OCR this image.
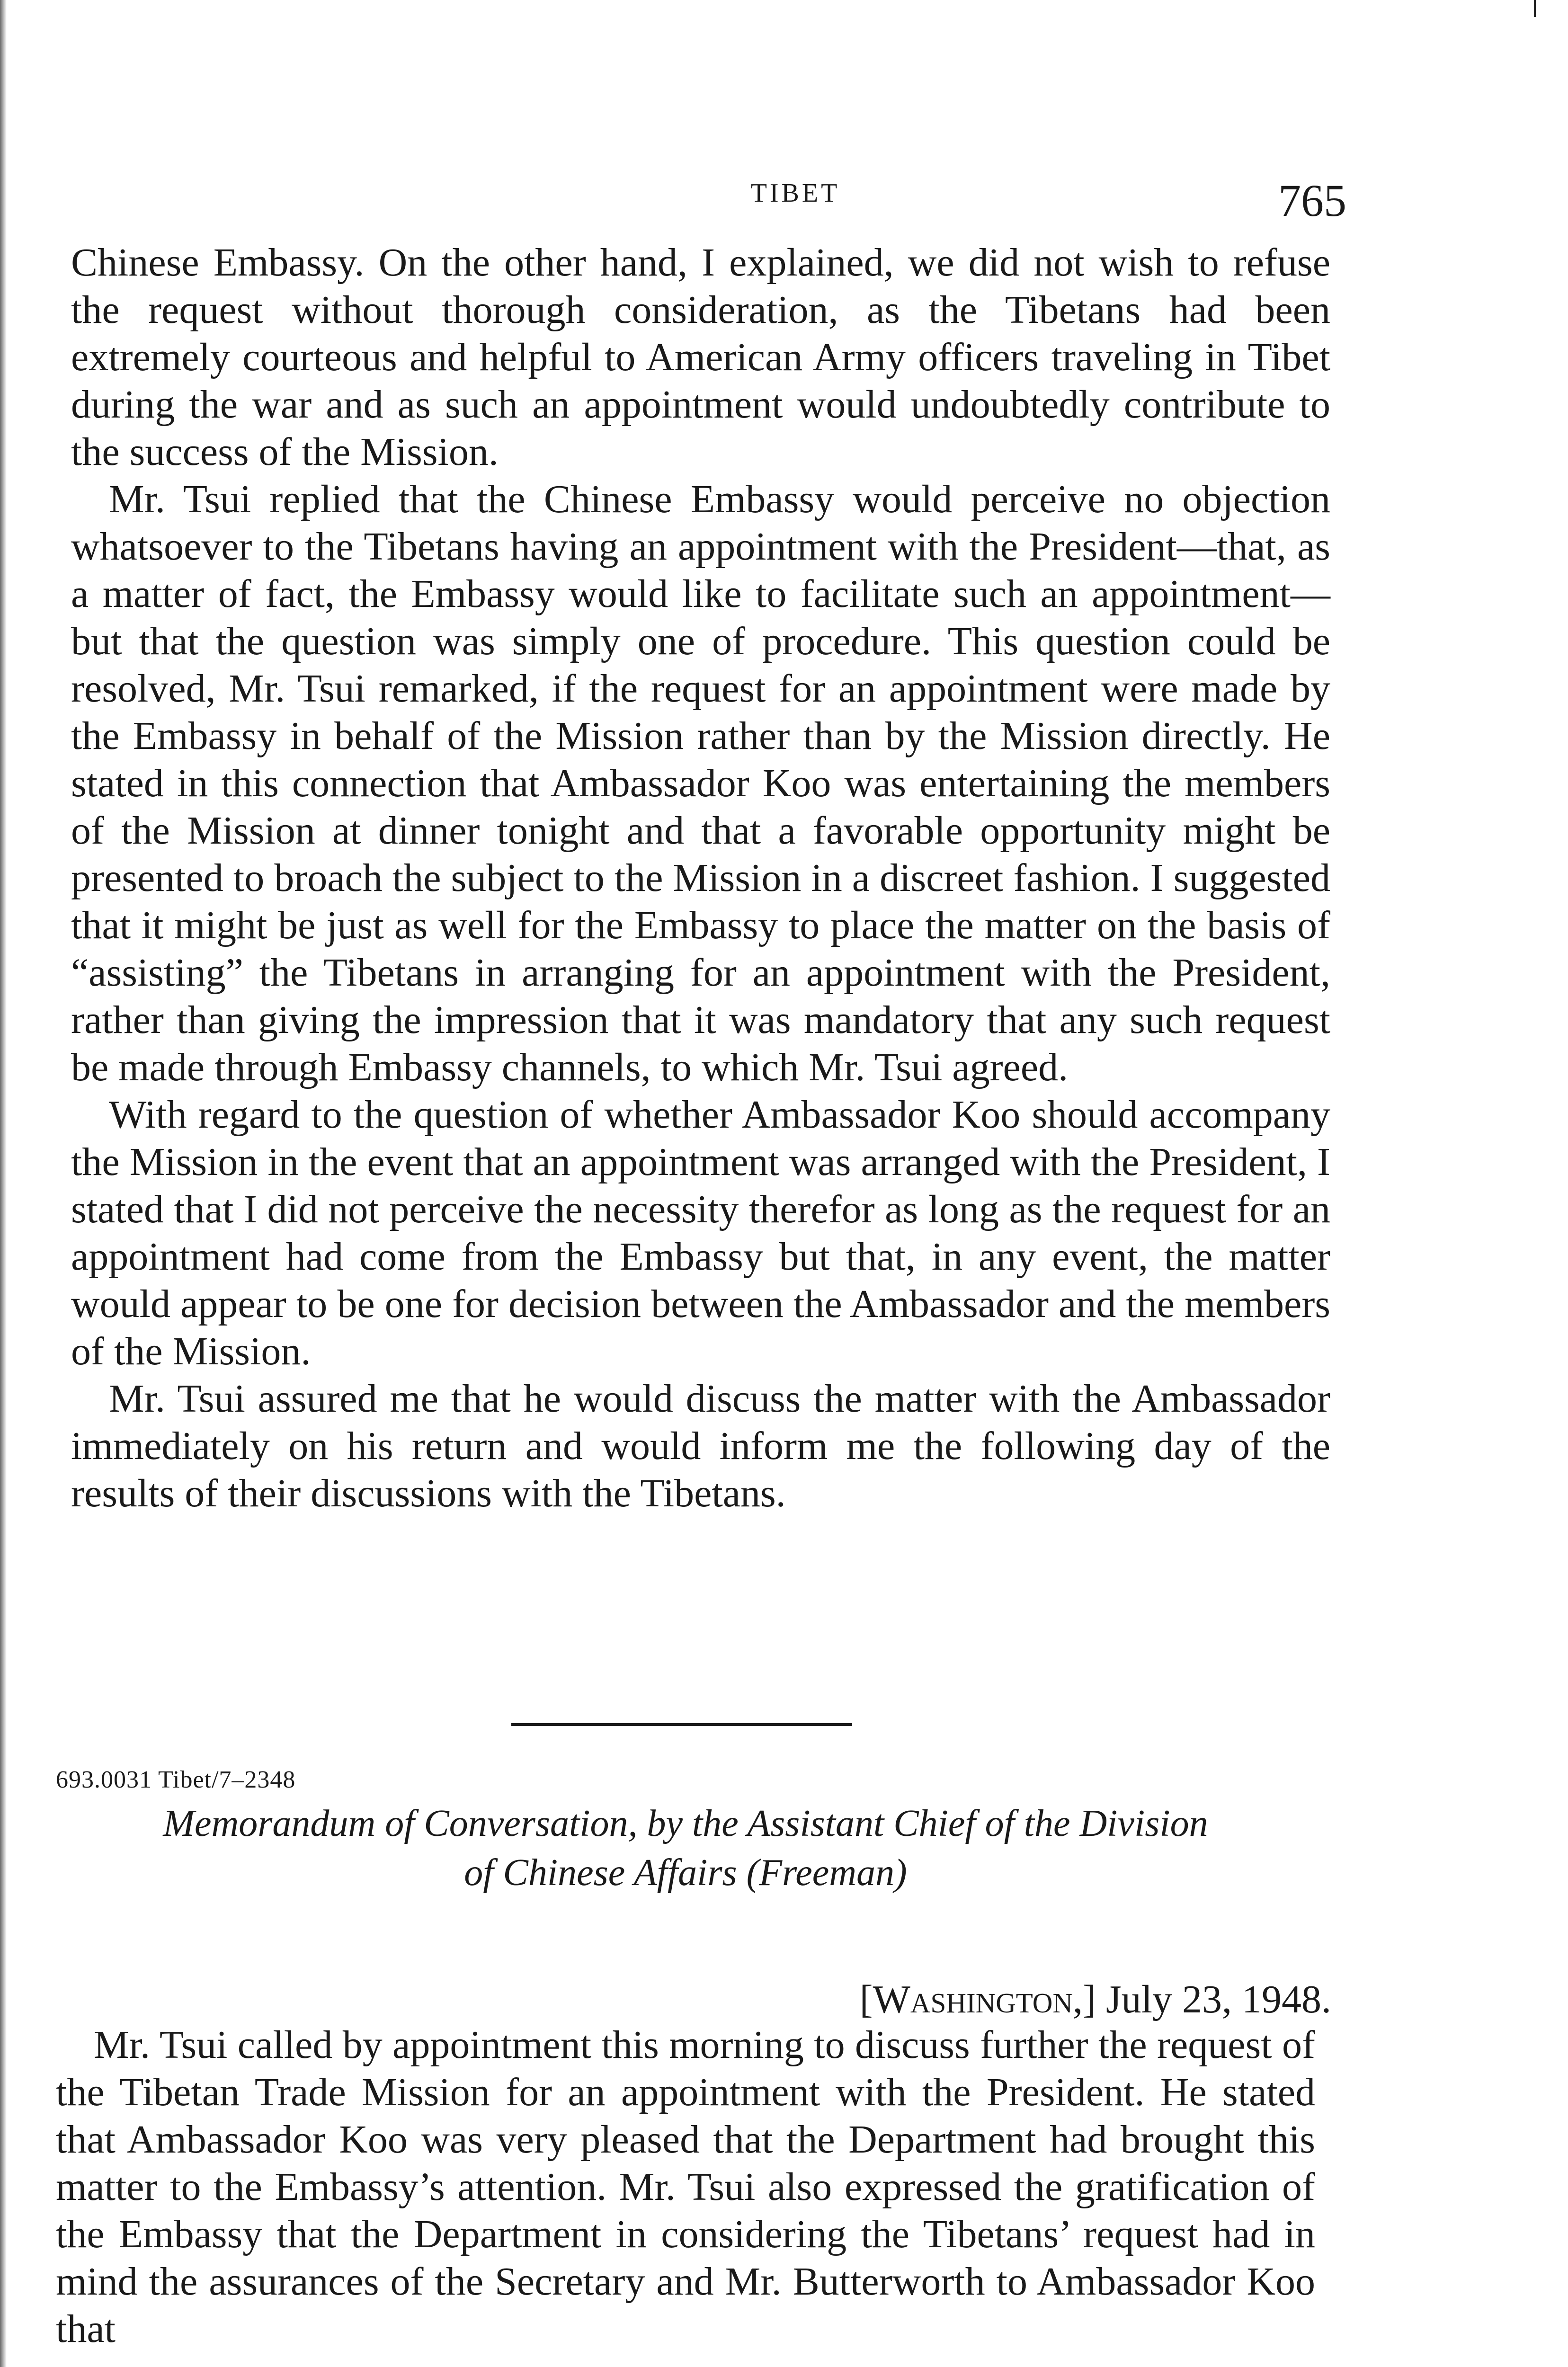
TIBET	765

Chinese Embassy. On the other hand, I explained, we did not wish to refuse the request without thorough consideration, as the Tibetans had been extremely courteous and helpful to American Army officers traveling in Tibet during the war and as such an appointment would undoubtedly contribute to the success of the Mission.

Mr. Tsui replied that the Chinese Embassy would perceive no objection whatsoever to the Tibetans having an appointment with the President—that, as a matter of fact, the Embassy would like to facilitate such an appointment—but that the question was simply one of procedure. This question could be resolved, Mr. Tsui remarked, if the request for an appointment were made by the Embassy in behalf of the Mission rather than by the Mission directly. He stated in this connection that Ambassador Koo was entertaining the members of the Mission at dinner tonight and that a favorable opportunity might be presented to broach the subject to the Mission in a discreet fashion. I suggested that it might be just as well for the Embassy to place the matter on the basis of “assisting” the Tibetans in arranging for an appointment with the President, rather than giving the impression that it was mandatory that any such request be made through Embassy channels, to which Mr. Tsui agreed.

With regard to the question of whether Ambassador Koo should accompany the Mission in the event that an appointment was arranged with the President, I stated that I did not perceive the necessity therefor as long as the request for an appointment had come from the Embassy but that, in any event, the matter would appear to be one for decision between the Ambassador and the members of the Mission.

Mr. Tsui assured me that he would discuss the matter with the Ambassador immediately on his return and would inform me the following day of the results of their discussions with the Tibetans.

693.0031 Tibet/7–2348
Memorandum of Conversation, by the Assistant Chief of the Division
of Chinese Affairs (Freeman)
[Washington,] July 23, 1948.

Mr. Tsui called by appointment this morning to discuss further the request of the Tibetan Trade Mission for an appointment with the President. He stated that Ambassador Koo was very pleased that the Department had brought this matter to the Embassy’s attention. Mr. Tsui also expressed the gratification of the Embassy that the Department in considering the Tibetans’ request had in mind the assurances of the Secretary and Mr. Butterworth to Ambassador Koo that
